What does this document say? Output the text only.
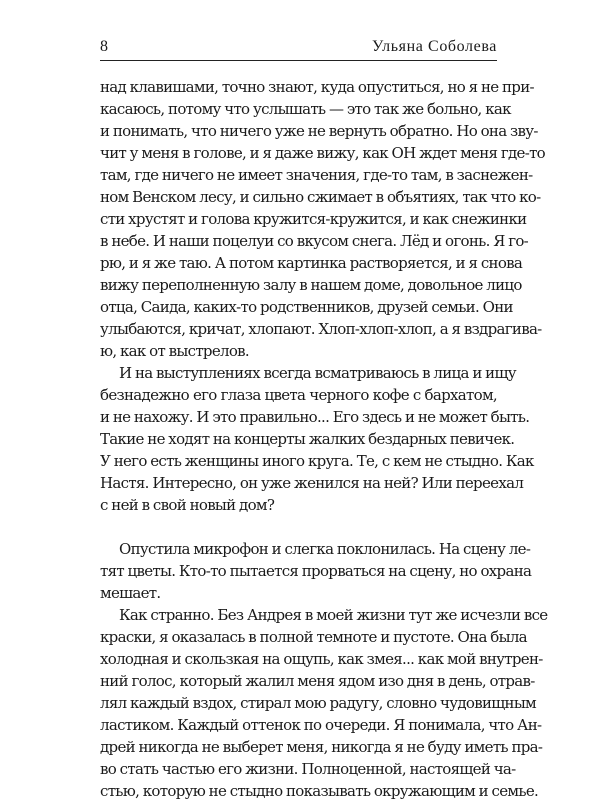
8	Ульяна Соболева
над клавишами, точно знают, куда опуститься, но я не при-
касаюсь, потому что услышать — это так же больно, как
и понимать, что ничего уже не вернуть обратно. Но она зву-
чит у меня в голове, и я даже вижу, как ОН ждет меня где-то
там, где ничего не имеет значения, где-то там, в заснежен-
ном Венском лесу, и сильно сжимает в объятиях, так что ко-
сти хрустят и голова кружится-кружится, и как снежинки
в небе. И наши поцелуи со вкусом снега. Лёд и огонь. Я го-
рю, и я же таю. А потом картинка растворяется, и я снова
вижу переполненную залу в нашем доме, довольное лицо
отца, Саида, каких-то родственников, друзей семьи. Они
улыбаются, кричат, хлопают. Хлоп-хлоп-хлоп, а я вздрагива-
ю, как от выстрелов.
И на выступлениях всегда всматриваюсь в лица и ищу
безнадежно его глаза цвета черного кофе с бархатом,
и не нахожу. И это правильно... Его здесь и не может быть.
Такие не ходят на концерты жалких бездарных певичек.
У него есть женщины иного круга. Те, с кем не стыдно. Как
Настя. Интересно, он уже женился на ней? Или переехал
с ней в свой новый дом?
Опустила микрофон и слегка поклонилась. На сцену ле-
тят цветы. Кто-то пытается прорваться на сцену, но охрана
мешает.
Как странно. Без Андрея в моей жизни тут же исчезли все
краски, я оказалась в полной темноте и пустоте. Она была
холодная и скользкая на ощупь, как змея... как мой внутрен-
ний голос, который жалил меня ядом изо дня в день, отрав-
лял каждый вздох, стирал мою радугу, словно чудовищным
ластиком. Каждый оттенок по очереди. Я понимала, что Ан-
дрей никогда не выберет меня, никогда я не буду иметь пра-
во стать частью его жизни. Полноценной, настоящей ча-
стью, которую не стыдно показывать окружающим и семье.
